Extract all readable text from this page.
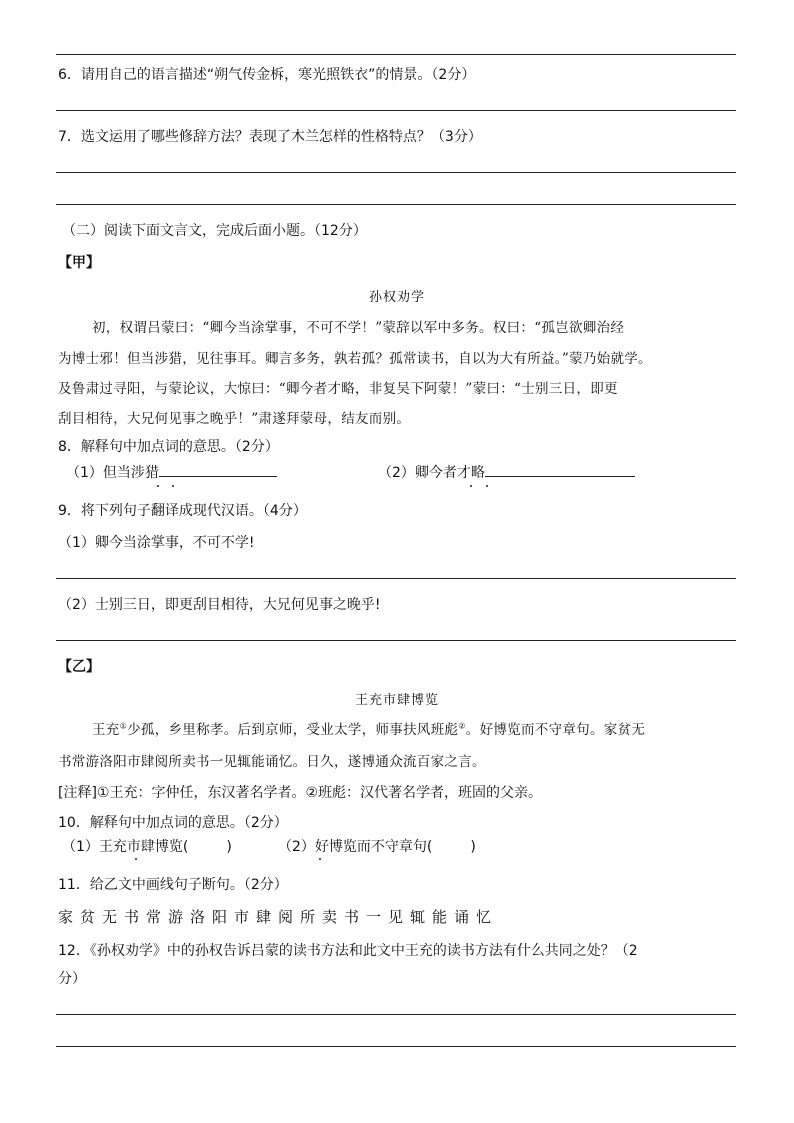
6．请用自己的语言描述“朔气传金柝，寒光照铁衣”的情景。（2分）
7．选文运用了哪些修辞方法？表现了木兰怎样的性格特点？（3分）
（二）阅读下面文言文，完成后面小题。（12分）
【甲】
孙权劝学
初，权谓吕蒙曰：“卿今当涂掌事，不可不学！”蒙辞以军中多务。权曰：“孤岂欲卿治经
为博士邪！但当涉猎，见往事耳。卿言多务，孰若孤？孤常读书，自以为大有所益。”蒙乃始就学。
及鲁肃过寻阳，与蒙论议，大惊曰：“卿今者才略，非复吴下阿蒙！”蒙曰：“士别三日，即更
刮目相待，大兄何见事之晚乎！”肃遂拜蒙母，结友而别。
8．解释句中加点词的意思。（2分）
（1）但当涉猎	（2）卿今者才略
9．将下列句子翻译成现代汉语。（4分）
（1）卿今当涂掌事，不可不学!
（2）士别三日，即更刮目相待，大兄何见事之晚乎!
【乙】
王充市肆博览
王充①少孤，乡里称孝。后到京师，受业太学，师事扶风班彪②。好博览而不守章句。家贫无
书常游洛阳市肆阅所卖书一见辄能诵忆。日久，遂博通众流百家之言。
[注释]①王充：字仲任，东汉著名学者。②班彪：汉代著名学者，班固的父亲。
10．解释句中加点词的意思。（2分）
（1）王充市肆博览(	)	（2）好博览而不守章句(	)
11．给乙文中画线句子断句。（2分）
家贫无书常游洛阳市肆阅所卖书一见辄能诵忆
12．《孙权劝学》中的孙权告诉吕蒙的读书方法和此文中王充的读书方法有什么共同之处？（2
分）
